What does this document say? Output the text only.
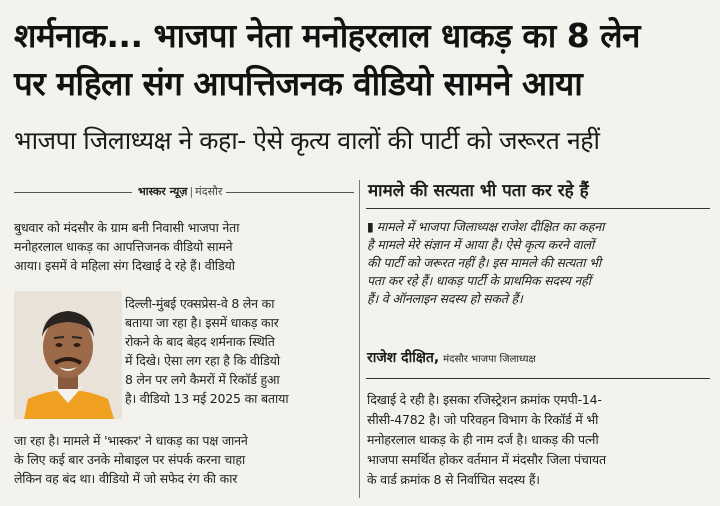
शर्मनाक... भाजपा नेता मनोहरलाल धाकड़ का 8 लेन
पर महिला संग आपत्तिजनक वीडियो सामने आया
भाजपा जिलाध्यक्ष ने कहा- ऐसे कृत्य वालों की पार्टी को जरूरत नहीं
भास्कर न्यूज़ | मंदसौर	मामले की सत्यता भी पता कर रहे हैं
▮ मामले में भाजपा जिलाध्यक्ष राजेश दीक्षित का कहना
है मामले मेरे संज्ञान में आया है। ऐसे कृत्य करने वालों
की पार्टी को जरूरत नहीं है। इस मामले की सत्यता भी
पता कर रहे हैं। धाकड़ पार्टी के प्राथमिक सदस्य नहीं
हैं। वे ऑनलाइन सदस्य हो सकते हैं।
राजेश दीक्षित, मंदसौर भाजपा जिलाध्यक्ष
बुधवार को मंदसौर के ग्राम बनी निवासी भाजपा नेता
मनोहरलाल धाकड़ का आपत्तिजनक वीडियो सामने
आया। इसमें वे महिला संग दिखाई दे रहे हैं। वीडियो
दिल्ली-मुंबई एक्सप्रेस-वे 8 लेन का
बताया जा रहा है। इसमें धाकड़ कार
रोकने के बाद बेहद शर्मनाक स्थिति
में दिखे। ऐसा लग रहा है कि वीडियो
8 लेन पर लगे कैमरों में रिकॉर्ड हुआ
है। वीडियो 13 मई 2025 का बताया
जा रहा है। मामले में 'भास्कर' ने धाकड़ का पक्ष जानने
के लिए कई बार उनके मोबाइल पर संपर्क करना चाहा
लेकिन वह बंद था। वीडियो में जो सफेद रंग की कार
दिखाई दे रही है। इसका रजिस्ट्रेशन क्रमांक एमपी-14-
सीसी-4782 है। जो परिवहन विभाग के रिकॉर्ड में भी
मनोहरलाल धाकड़ के ही नाम दर्ज है। धाकड़ की पत्नी
भाजपा समर्थित होकर वर्तमान में मंदसौर जिला पंचायत
के वार्ड क्रमांक 8 से निर्वाचित सदस्य हैं।
